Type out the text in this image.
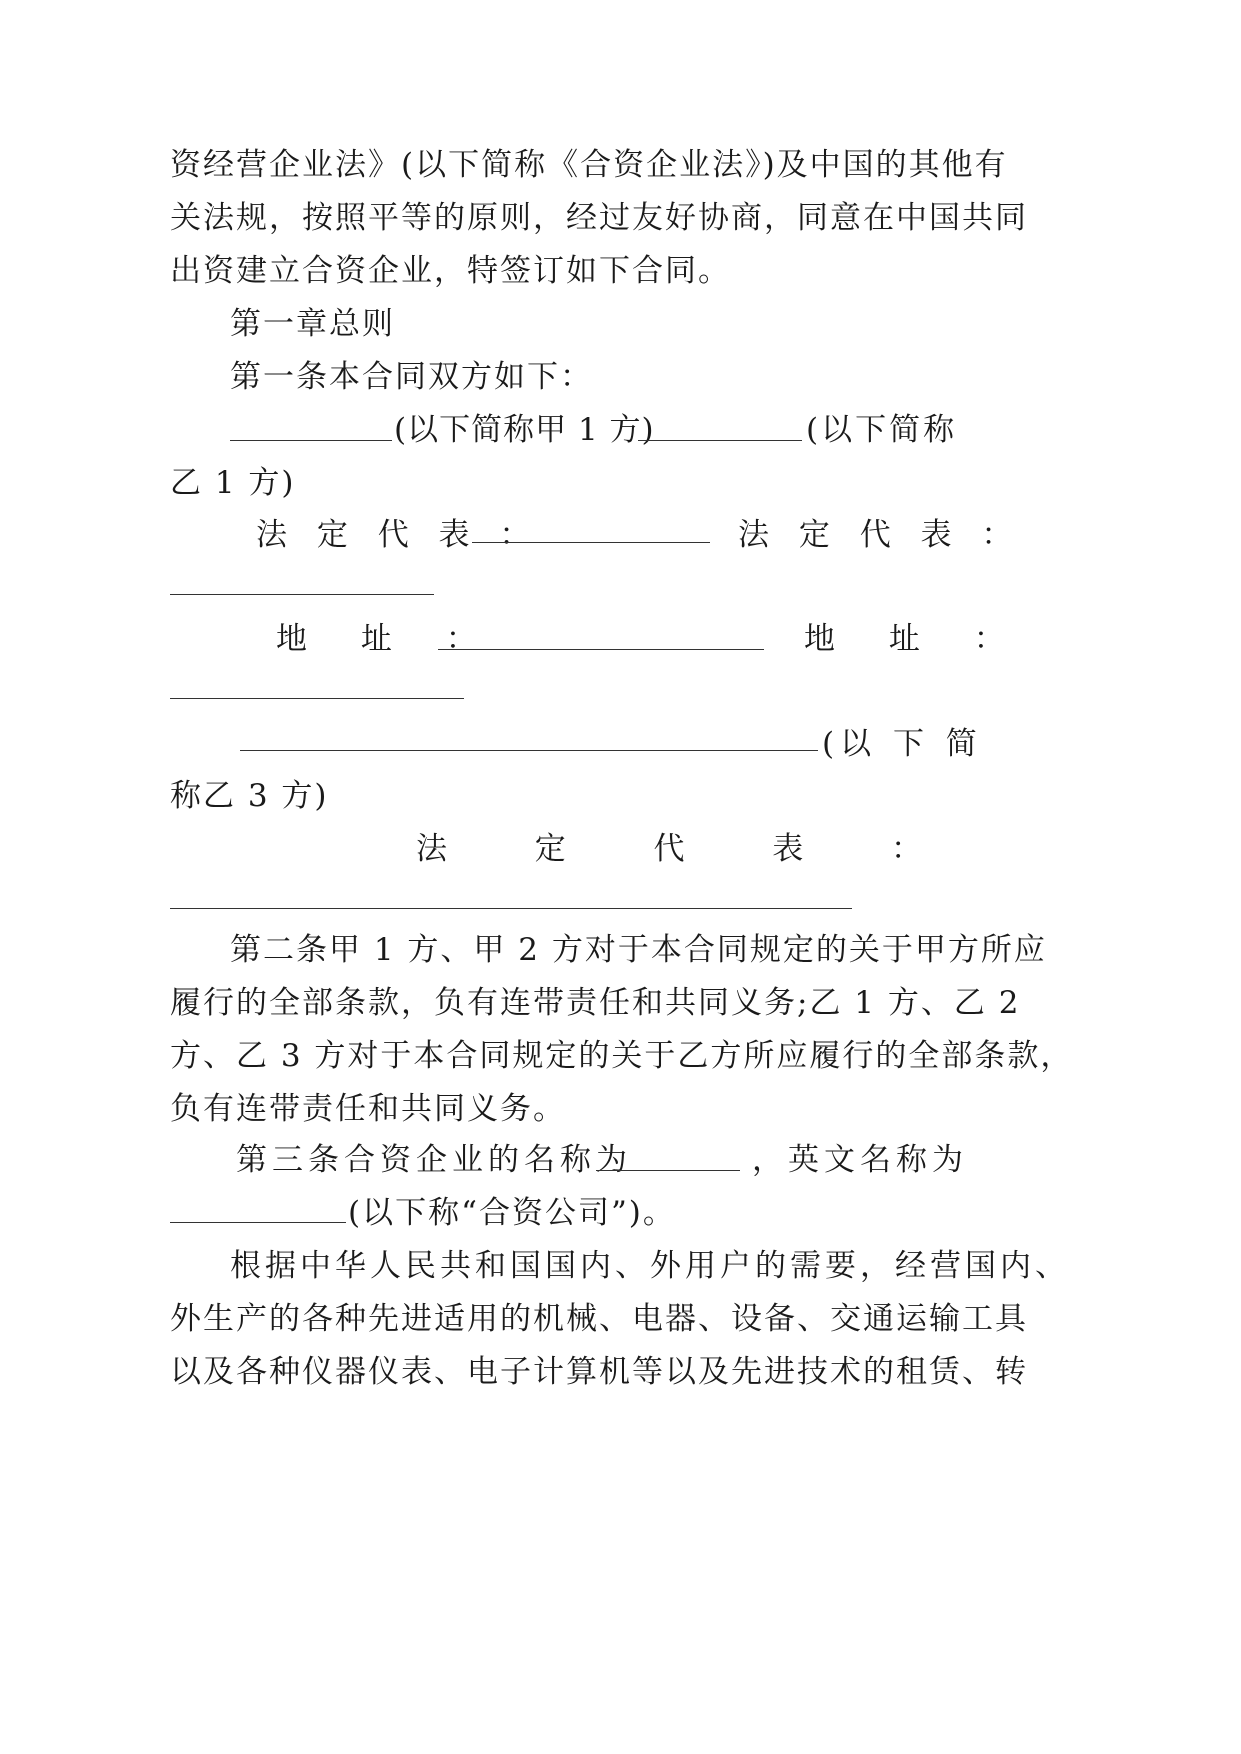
资经营企业法》(以下简称《合资企业法》)及中国的其他有
关法规，按照平等的原则，经过友好协商，同意在中国共同
出资建立合资企业，特签订如下合同。
第一章总则
第一条本合同双方如下：
(以下简称甲 1 方)	(以下简称
乙 1 方)
法 定 代 表 ：	法 定 代 表 ：
地 址 ：	地 址 ：
(以 下 简
称乙 3 方)
法	定	代	表	：
第二条甲 1 方、甲 2 方对于本合同规定的关于甲方所应
履行的全部条款，负有连带责任和共同义务;乙 1 方、乙 2
方、乙 3 方对于本合同规定的关于乙方所应履行的全部条款，
负有连带责任和共同义务。
第三条合资企业的名称为	，英文名称为
(以下称“合资公司”)。
根据中华人民共和国国内、外用户的需要，经营国内、
外生产的各种先进适用的机械、电器、设备、交通运输工具
以及各种仪器仪表、电子计算机等以及先进技术的租赁、转
